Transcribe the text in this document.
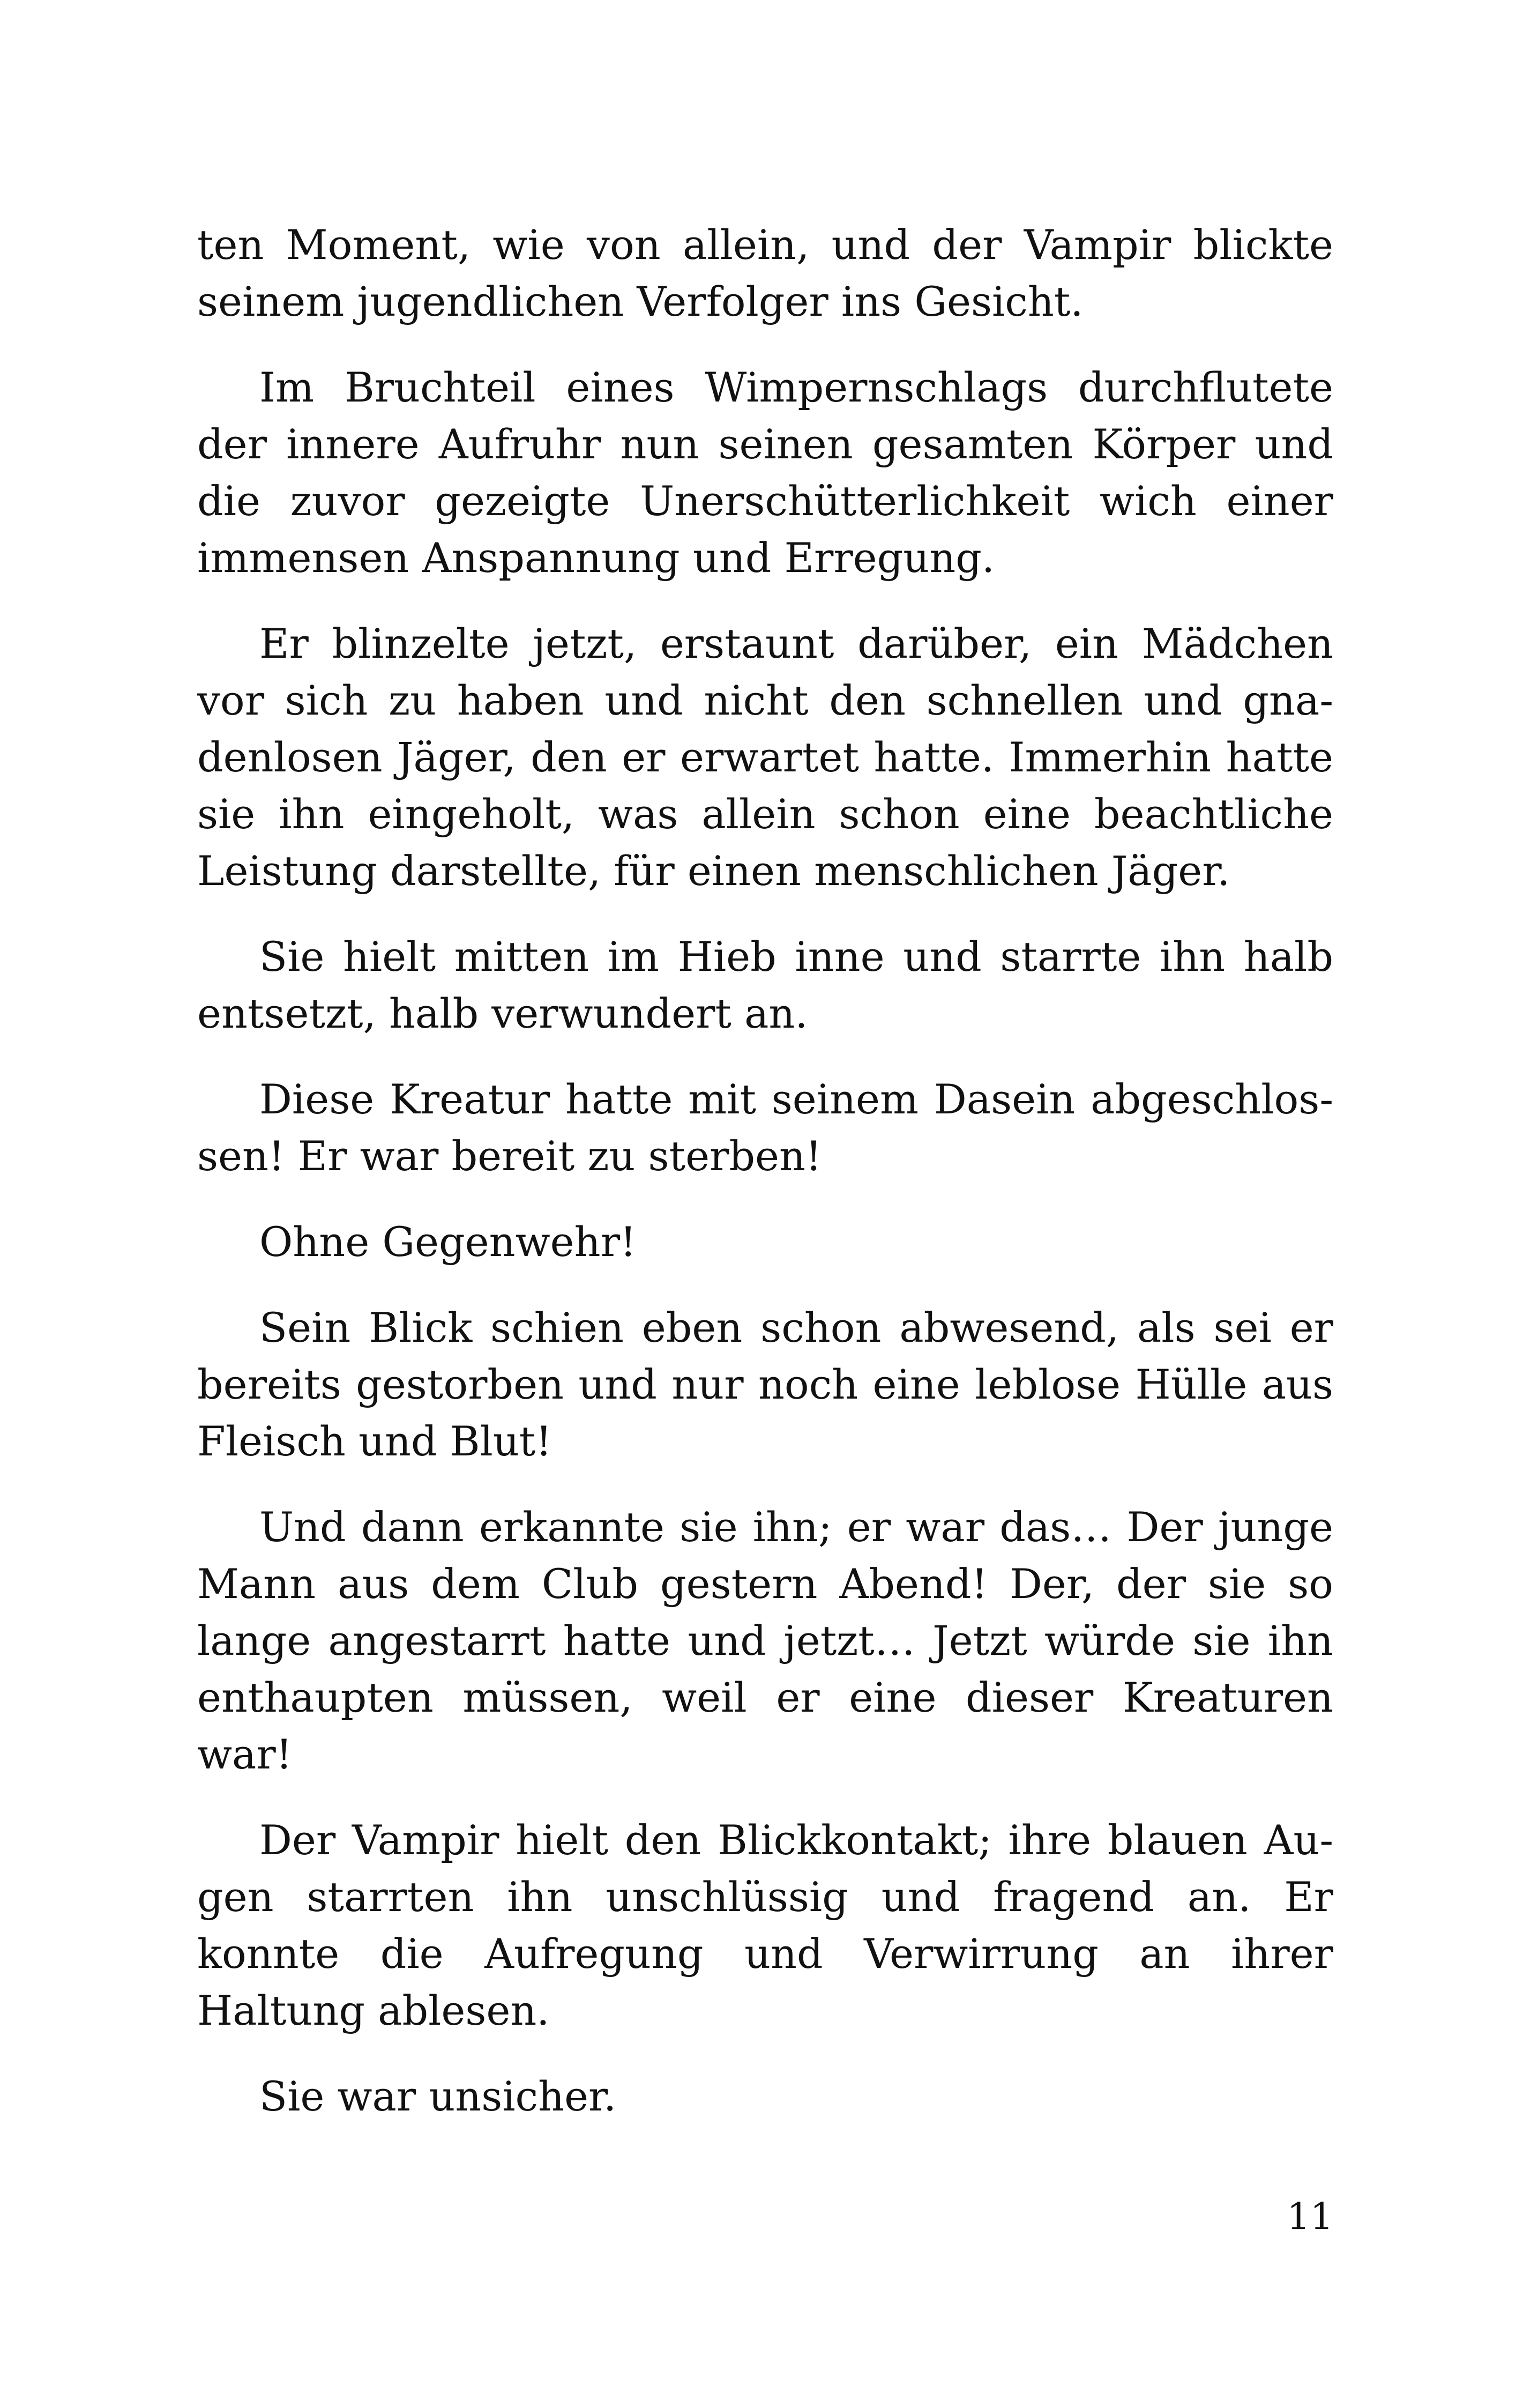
ten Moment, wie von allein, und der Vampir blickte seinem jugendlichen Verfolger ins Gesicht.

Im Bruchteil eines Wimpernschlags durchflutete der innere Aufruhr nun seinen gesamten Körper und die zuvor gezeigte Unerschütterlichkeit wich einer immensen Anspannung und Erregung.

Er blinzelte jetzt, erstaunt darüber, ein Mädchen vor sich zu haben und nicht den schnellen und gnadenlosen Jäger, den er erwartet hatte. Immerhin hatte sie ihn eingeholt, was allein schon eine beachtliche Leistung darstellte, für einen menschlichen Jäger.

Sie hielt mitten im Hieb inne und starrte ihn halb entsetzt, halb verwundert an.

Diese Kreatur hatte mit seinem Dasein abgeschlossen! Er war bereit zu sterben!

Ohne Gegenwehr!

Sein Blick schien eben schon abwesend, als sei er bereits gestorben und nur noch eine leblose Hülle aus Fleisch und Blut!

Und dann erkannte sie ihn; er war das… Der junge Mann aus dem Club gestern Abend! Der, der sie so lange angestarrt hatte und jetzt… Jetzt würde sie ihn enthaupten müssen, weil er eine dieser Kreaturen war!

Der Vampir hielt den Blickkontakt; ihre blauen Augen starrten ihn unschlüssig und fragend an. Er konnte die Aufregung und Verwirrung an ihrer Haltung ablesen.

Sie war unsicher.

11
